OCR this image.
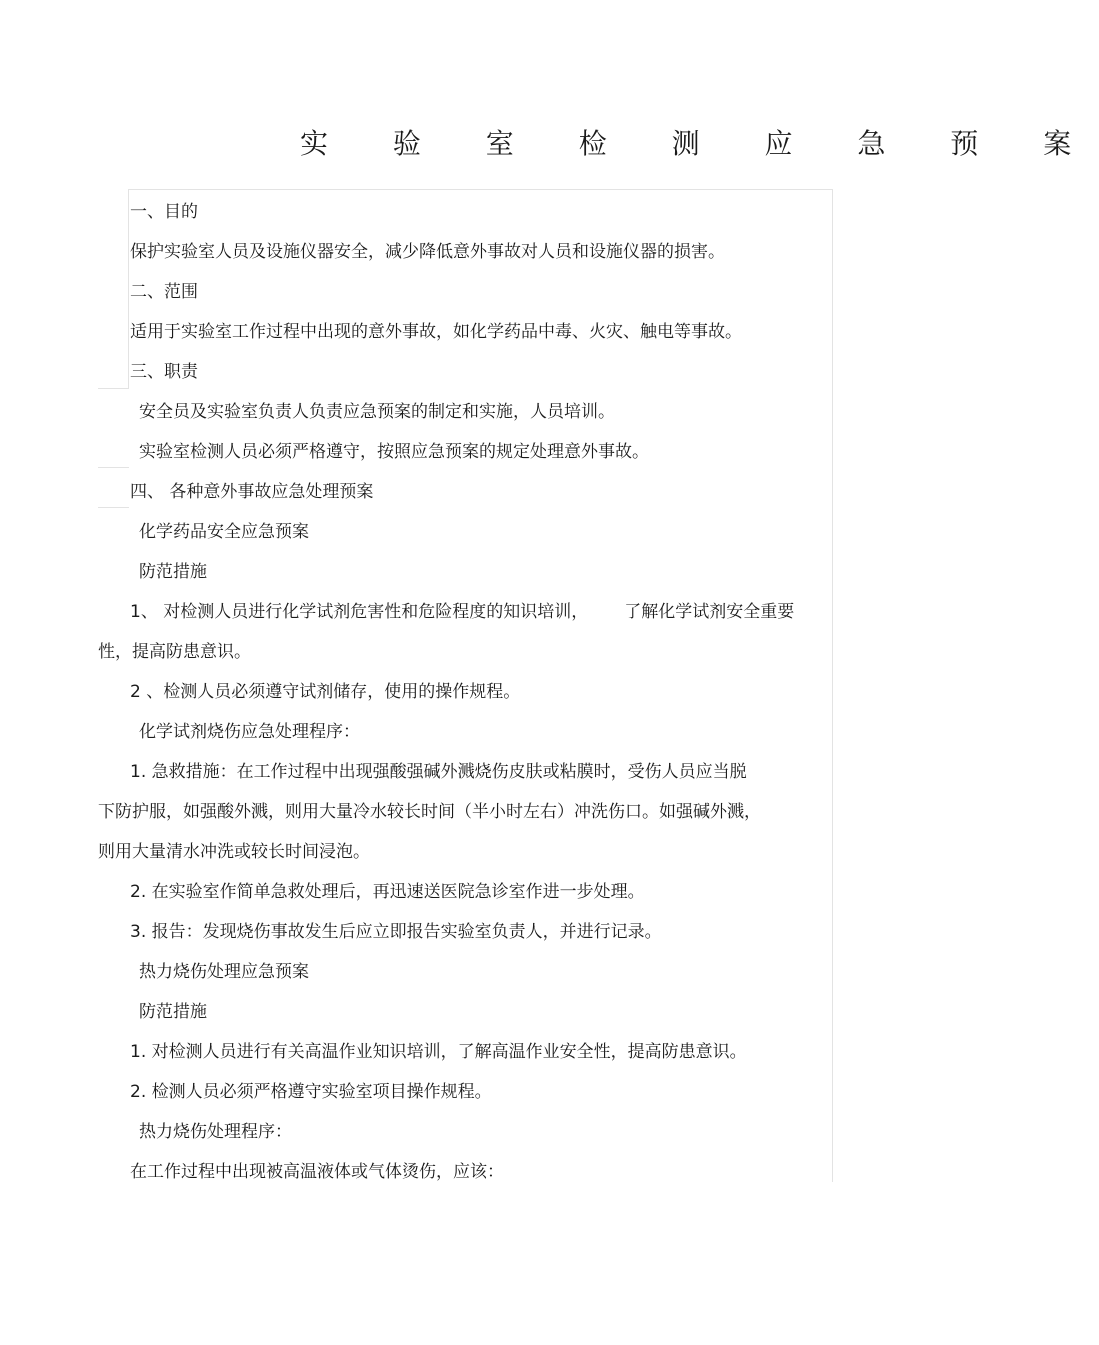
实 验 室 检 测 应 急 预 案
一、目的
保护实验室人员及设施仪器安全，减少降低意外事故对人员和设施仪器的损害。
二、范围
适用于实验室工作过程中出现的意外事故，如化学药品中毒、火灾、触电等事故。
三、职责
安全员及实验室负责人负责应急预案的制定和实施，人员培训。
实验室检测人员必须严格遵守，按照应急预案的规定处理意外事故。
四、 各种意外事故应急处理预案
化学药品安全应急预案
防范措施
1、 对检测人员进行化学试剂危害性和危险程度的知识培训， 了解化学试剂安全重要
性，提高防患意识。
2 、检测人员必须遵守试剂储存，使用的操作规程。
化学试剂烧伤应急处理程序：
1. 急救措施：在工作过程中出现强酸强碱外溅烧伤皮肤或粘膜时，受伤人员应当脱
下防护服，如强酸外溅，则用大量冷水较长时间（半小时左右）冲洗伤口。如强碱外溅，
则用大量清水冲洗或较长时间浸泡。
2. 在实验室作简单急救处理后，再迅速送医院急诊室作进一步处理。
3. 报告：发现烧伤事故发生后应立即报告实验室负责人，并进行记录。
热力烧伤处理应急预案
防范措施
1. 对检测人员进行有关高温作业知识培训，了解高温作业安全性，提高防患意识。
2. 检测人员必须严格遵守实验室项目操作规程。
热力烧伤处理程序：
在工作过程中出现被高温液体或气体烫伤，应该：
